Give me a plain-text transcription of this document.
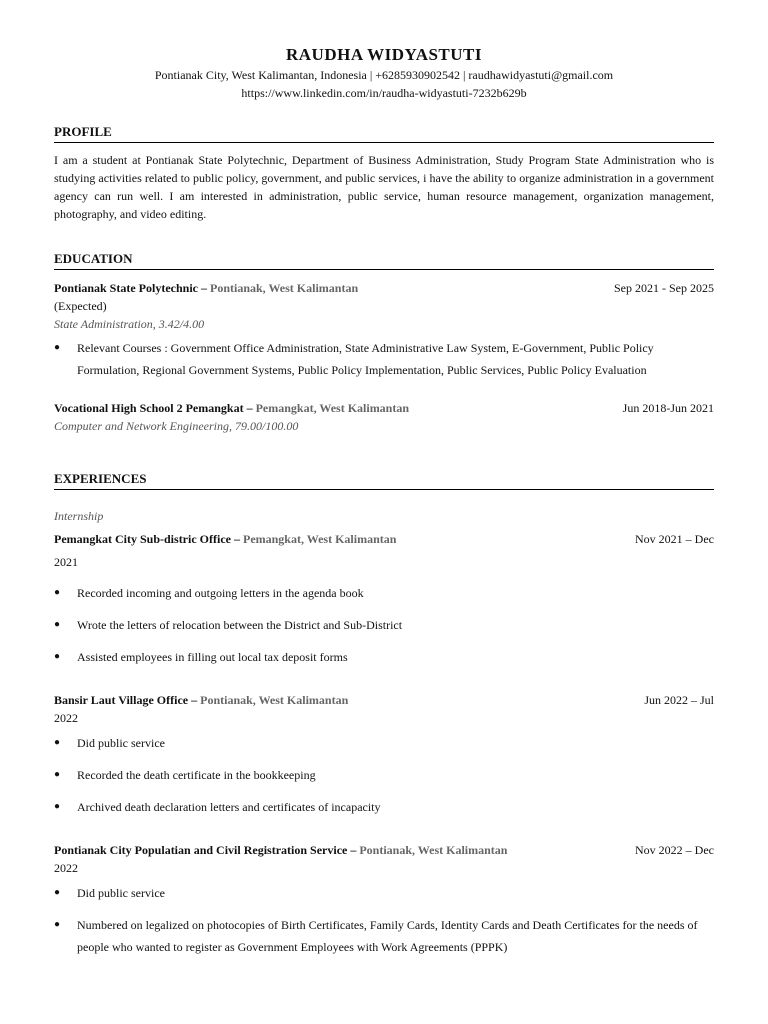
RAUDHA WIDYASTUTI
Pontianak City, West Kalimantan, Indonesia | +6285930902542 | raudhawidyastuti@gmail.com
https://www.linkedin.com/in/raudha-widyastuti-7232b629b
PROFILE
I am a student at Pontianak State Polytechnic, Department of Business Administration, Study Program State Administration who is studying activities related to public policy, government, and public services, i have the ability to organize administration in a government agency can run well. I am interested in administration, public service, human resource management, organization management, photography, and video editing.
EDUCATION
Pontianak State Polytechnic – Pontianak, West Kalimantan	Sep 2021 - Sep 2025
(Expected)
State Administration, 3.42/4.00
● Relevant Courses : Government Office Administration, State Administrative Law System, E-Government, Public Policy Formulation, Regional Government Systems, Public Policy Implementation, Public Services, Public Policy Evaluation
Vocational High School 2 Pemangkat – Pemangkat, West Kalimantan	Jun 2018-Jun 2021
Computer and Network Engineering, 79.00/100.00
EXPERIENCES
Internship
Pemangkat City Sub-distric Office – Pemangkat, West Kalimantan	Nov 2021 – Dec
2021
● Recorded incoming and outgoing letters in the agenda book
● Wrote the letters of relocation between the District and Sub-District
● Assisted employees in filling out local tax deposit forms
Bansir Laut Village Office – Pontianak, West Kalimantan	Jun 2022 – Jul
2022
● Did public service
● Recorded the death certificate in the bookkeeping
● Archived death declaration letters and certificates of incapacity
Pontianak City Populatian and Civil Registration Service – Pontianak, West Kalimantan	Nov 2022 – Dec
2022
● Did public service
● Numbered on legalized on photocopies of Birth Certificates, Family Cards, Identity Cards and Death Certificates for the needs of people who wanted to register as Government Employees with Work Agreements (PPPK)
